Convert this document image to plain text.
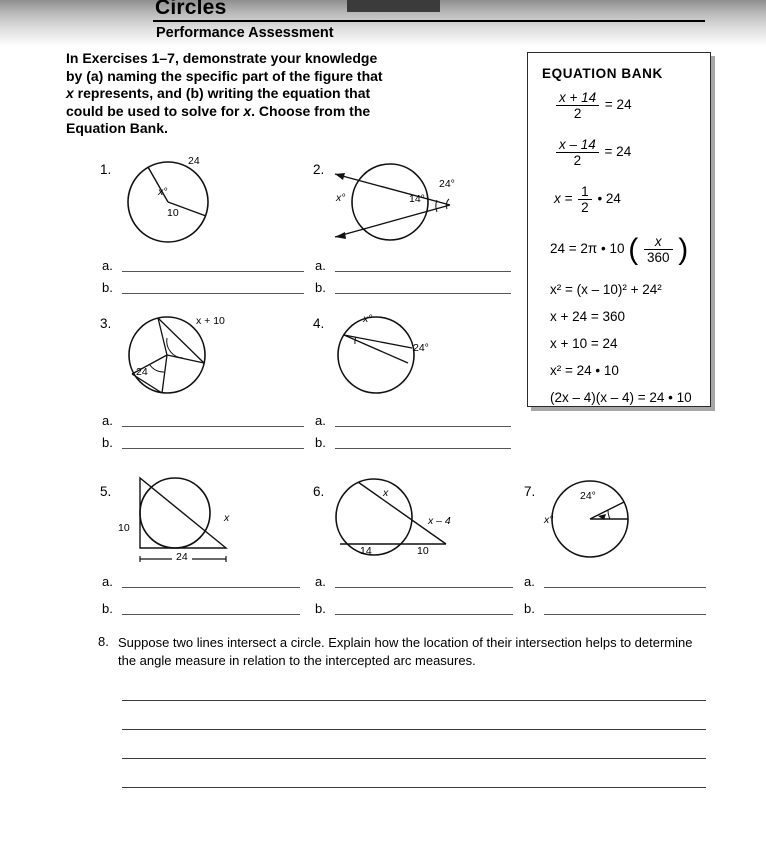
Circles
Performance Assessment
In Exercises 1–7, demonstrate your knowledge
by (a) naming the specific part of the figure that
x represents, and (b) writing the equation that
could be used to solve for x. Choose from the
Equation Bank.
EQUATION BANK
$\frac{x + 14}{2} = 24$
$\frac{x - 14}{2} = 24$
$x = \frac{1}{2}$ • 24
24 = 2π • 10 ( $\frac{x}{360}$ )
x² = (x – 10)² + 24²
x + 24 = 360
x + 10 = 24
x² = 24 • 10
(2x – 4)(x – 4) = 24 • 10
1.
24
x°
10
2.
24°
14°
x°
a.
b.
a.
b.
3.	x + 10
24
4.	x°
24°
a.
b.
a.
b.
5.
10
x
24
6.	x
x – 4
14	10
7.	24°
x°
a.
b.
a.
b.
a.
b.
8. Suppose two lines intersect a circle. Explain how the location of their intersection helps to determine the angle measure in relation to the intercepted arc measures.
